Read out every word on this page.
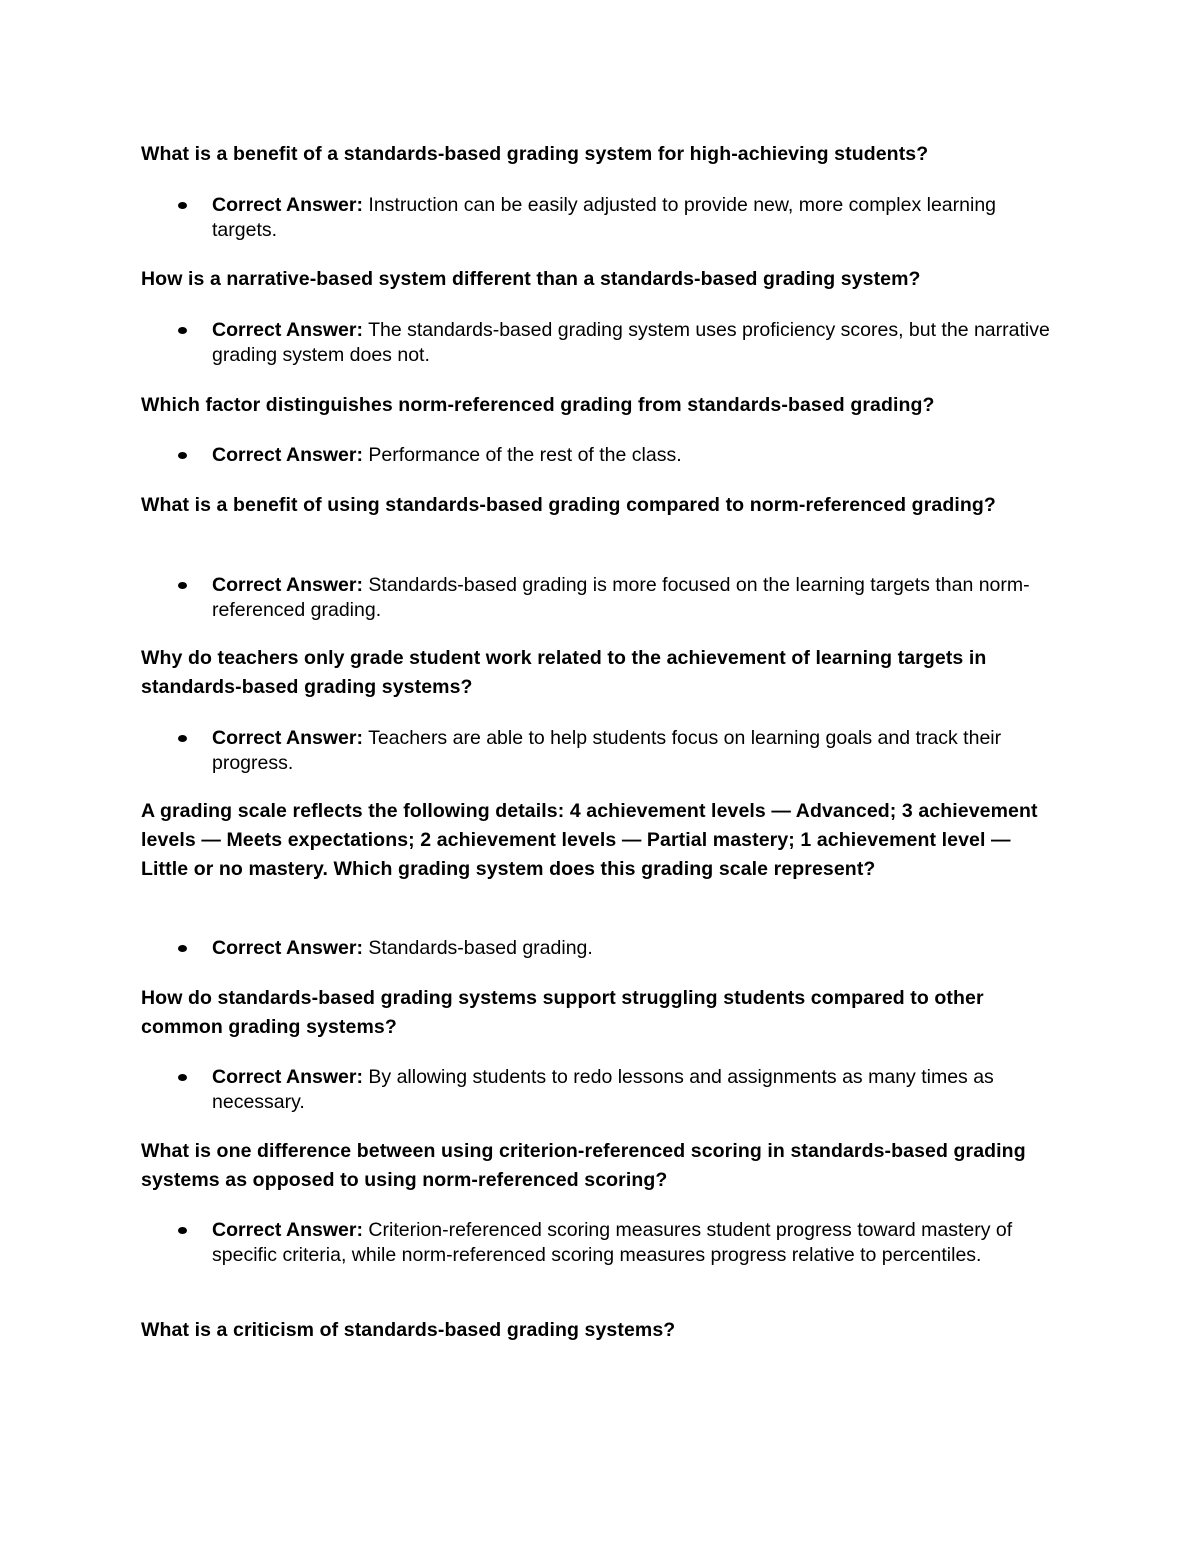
What is a benefit of a standards-based grading system for high-achieving students?

Correct Answer: Instruction can be easily adjusted to provide new, more complex learning targets.

How is a narrative-based system different than a standards-based grading system?

Correct Answer: The standards-based grading system uses proficiency scores, but the narrative grading system does not.

Which factor distinguishes norm-referenced grading from standards-based grading?

Correct Answer: Performance of the rest of the class.

What is a benefit of using standards-based grading compared to norm-referenced grading?

Correct Answer: Standards-based grading is more focused on the learning targets than norm-referenced grading.

Why do teachers only grade student work related to the achievement of learning targets in standards-based grading systems?

Correct Answer: Teachers are able to help students focus on learning goals and track their progress.

A grading scale reflects the following details: 4 achievement levels — Advanced; 3 achievement levels — Meets expectations; 2 achievement levels — Partial mastery; 1 achievement level — Little or no mastery. Which grading system does this grading scale represent?

Correct Answer: Standards-based grading.

How do standards-based grading systems support struggling students compared to other common grading systems?

Correct Answer: By allowing students to redo lessons and assignments as many times as necessary.

What is one difference between using criterion-referenced scoring in standards-based grading systems as opposed to using norm-referenced scoring?

Correct Answer: Criterion-referenced scoring measures student progress toward mastery of specific criteria, while norm-referenced scoring measures progress relative to percentiles.

What is a criticism of standards-based grading systems?
